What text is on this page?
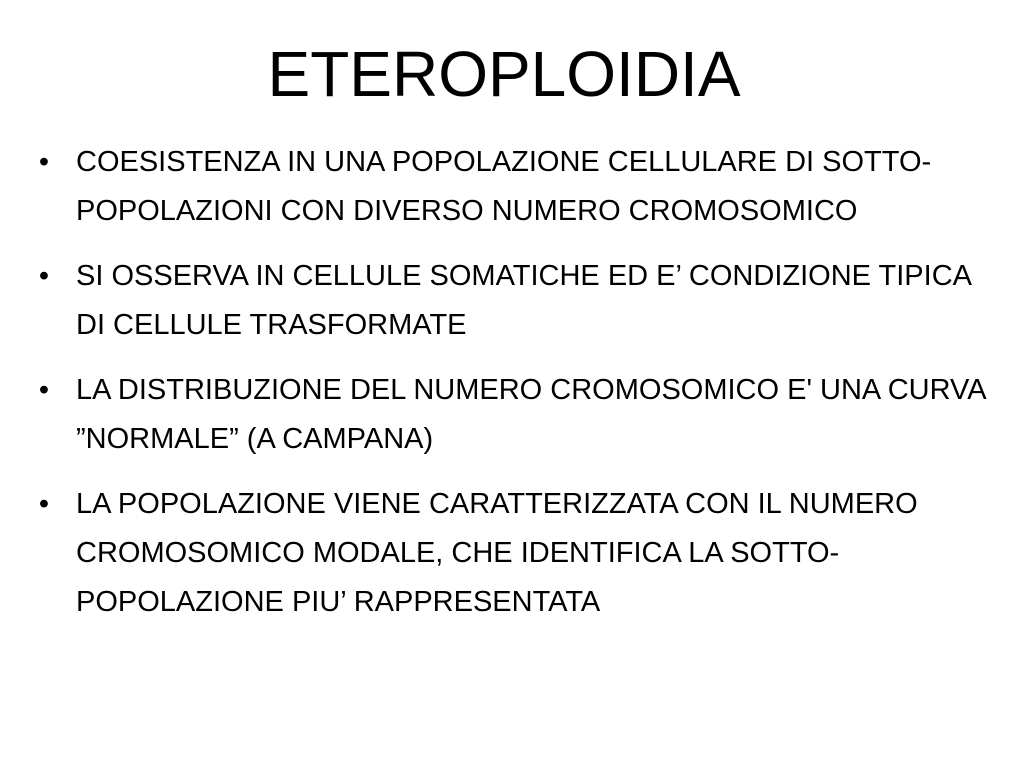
ETEROPLOIDIA
• COESISTENZA IN UNA POPOLAZIONE CELLULARE DI SOTTO-POPOLAZIONI CON DIVERSO NUMERO CROMOSOMICO
• SI OSSERVA IN CELLULE SOMATICHE ED E’ CONDIZIONE TIPICA DI CELLULE TRASFORMATE
• LA DISTRIBUZIONE DEL NUMERO CROMOSOMICO E' UNA CURVA ”NORMALE” (A CAMPANA)
• LA POPOLAZIONE VIENE CARATTERIZZATA CON IL NUMERO CROMOSOMICO MODALE, CHE IDENTIFICA LA SOTTO-POPOLAZIONE PIU’ RAPPRESENTATA
